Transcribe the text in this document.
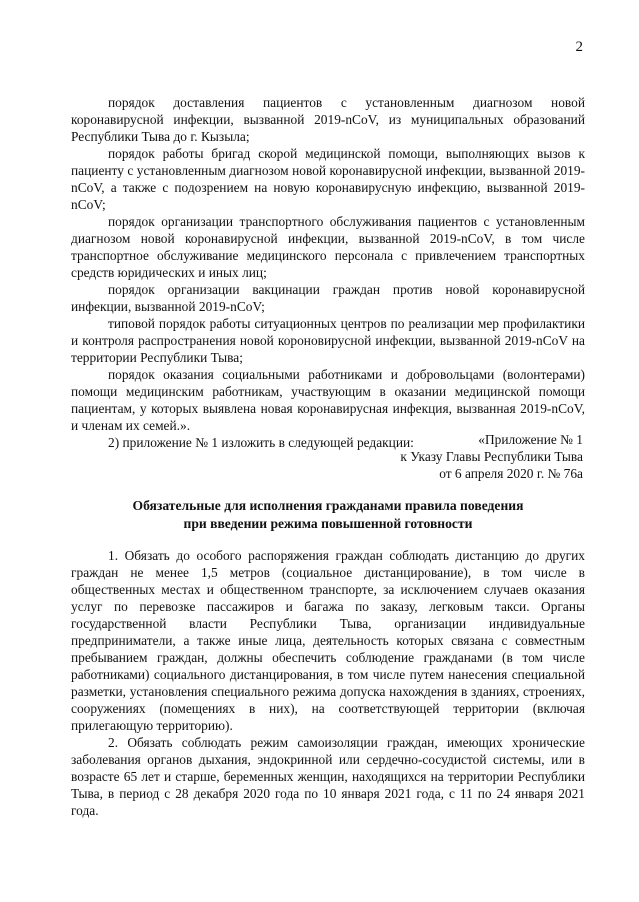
2

порядок доставления пациентов с установленным диагнозом новой коронавирусной инфекции, вызванной 2019-nCoV, из муниципальных образований Республики Тыва до г. Кызыла;

порядок работы бригад скорой медицинской помощи, выполняющих вызов к пациенту с установленным диагнозом новой коронавирусной инфекции, вызванной 2019-nCoV, а также с подозрением на новую коронавирусную инфекцию, вызванной 2019-nCoV;

порядок организации транспортного обслуживания пациентов с установленным диагнозом новой коронавирусной инфекции, вызванной 2019-nCoV, в том числе транспортное обслуживание медицинского персонала с привлечением транспортных средств юридических и иных лиц;

порядок организации вакцинации граждан против новой коронавирусной инфекции, вызванной 2019-nCoV;

типовой порядок работы ситуационных центров по реализации мер профилактики и контроля распространения новой короновирусной инфекции, вызванной 2019-nCoV на территории Республики Тыва;

порядок оказания социальными работниками и добровольцами (волонтерами) помощи медицинским работникам, участвующим в оказании медицинской помощи пациентам, у которых выявлена новая коронавирусная инфекция, вызванная 2019-nCoV, и членам их семей.».

2) приложение № 1 изложить в следующей редакции:	«Приложение № 1
к Указу Главы Республики Тыва
от 6 апреля 2020 г. № 76а
Обязательные для исполнения гражданами правила поведения
при введении режима повышенной готовности

1. Обязать до особого распоряжения граждан соблюдать дистанцию до других граждан не менее 1,5 метров (социальное дистанцирование), в том числе в общественных местах и общественном транспорте, за исключением случаев оказания услуг по перевозке пассажиров и багажа по заказу, легковым такси. Органы государственной власти Республики Тыва, организации индивидуальные предприниматели, а также иные лица, деятельность которых связана с совместным пребыванием граждан, должны обеспечить соблюдение гражданами (в том числе работниками) социального дистанцирования, в том числе путем нанесения специальной разметки, установления специального режима допуска нахождения в зданиях, строениях, сооружениях (помещениях в них), на соответствующей территории (включая прилегающую территорию).

2. Обязать соблюдать режим самоизоляции граждан, имеющих хронические заболевания органов дыхания, эндокринной или сердечно-сосудистой системы, или в возрасте 65 лет и старше, беременных женщин, находящихся на территории Республики Тыва, в период с 28 декабря 2020 года по 10 января 2021 года, с 11 по 24 января 2021 года.
